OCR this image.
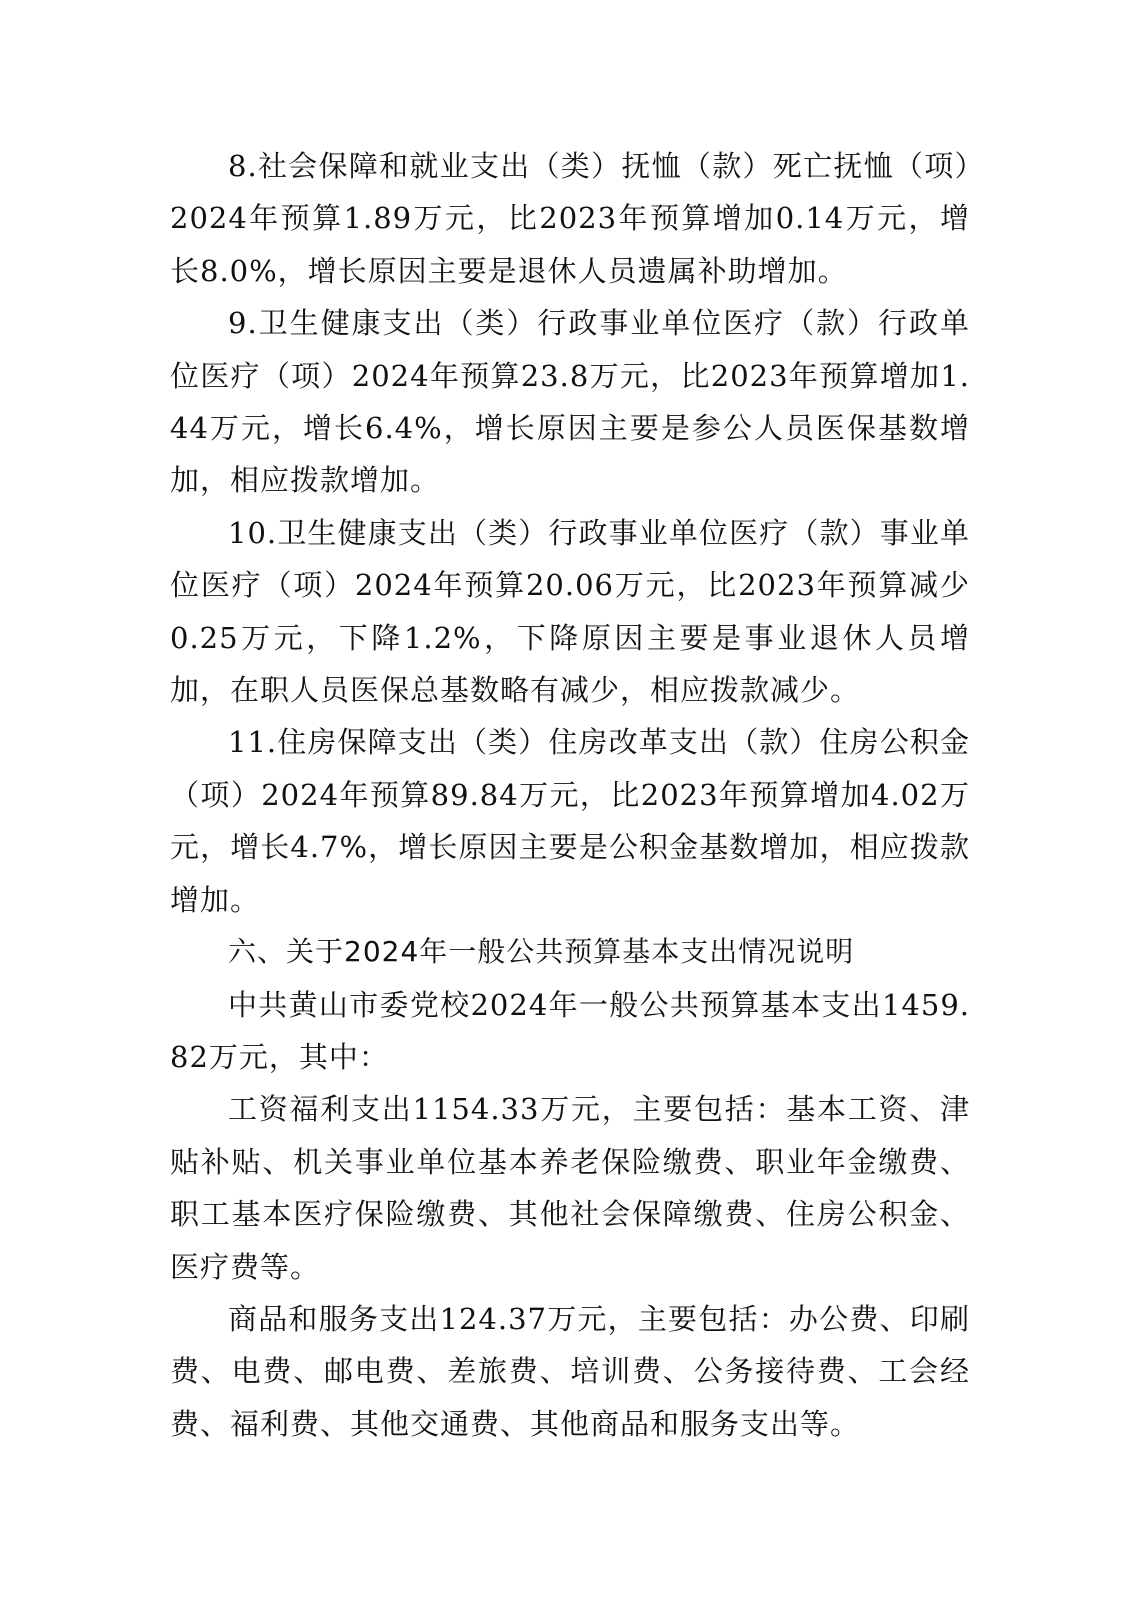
8.社会保障和就业支出（类）抚恤（款）死亡抚恤（项）2024年预算1.89万元，比2023年预算增加0.14万元，增长8.0%，增长原因主要是退休人员遗属补助增加。

9.卫生健康支出（类）行政事业单位医疗（款）行政单位医疗（项）2024年预算23.8万元，比2023年预算增加1.44万元，增长6.4%，增长原因主要是参公人员医保基数增加，相应拨款增加。

10.卫生健康支出（类）行政事业单位医疗（款）事业单位医疗（项）2024年预算20.06万元，比2023年预算减少0.25万元，下降1.2%，下降原因主要是事业退休人员增加，在职人员医保总基数略有减少，相应拨款减少。

11.住房保障支出（类）住房改革支出（款）住房公积金（项）2024年预算89.84万元，比2023年预算增加4.02万元，增长4.7%，增长原因主要是公积金基数增加，相应拨款增加。

六、关于2024年一般公共预算基本支出情况说明

中共黄山市委党校2024年一般公共预算基本支出1459.82万元，其中：

工资福利支出1154.33万元，主要包括：基本工资、津贴补贴、机关事业单位基本养老保险缴费、职业年金缴费、职工基本医疗保险缴费、其他社会保障缴费、住房公积金、医疗费等。

商品和服务支出124.37万元，主要包括：办公费、印刷费、电费、邮电费、差旅费、培训费、公务接待费、工会经费、福利费、其他交通费、其他商品和服务支出等。
